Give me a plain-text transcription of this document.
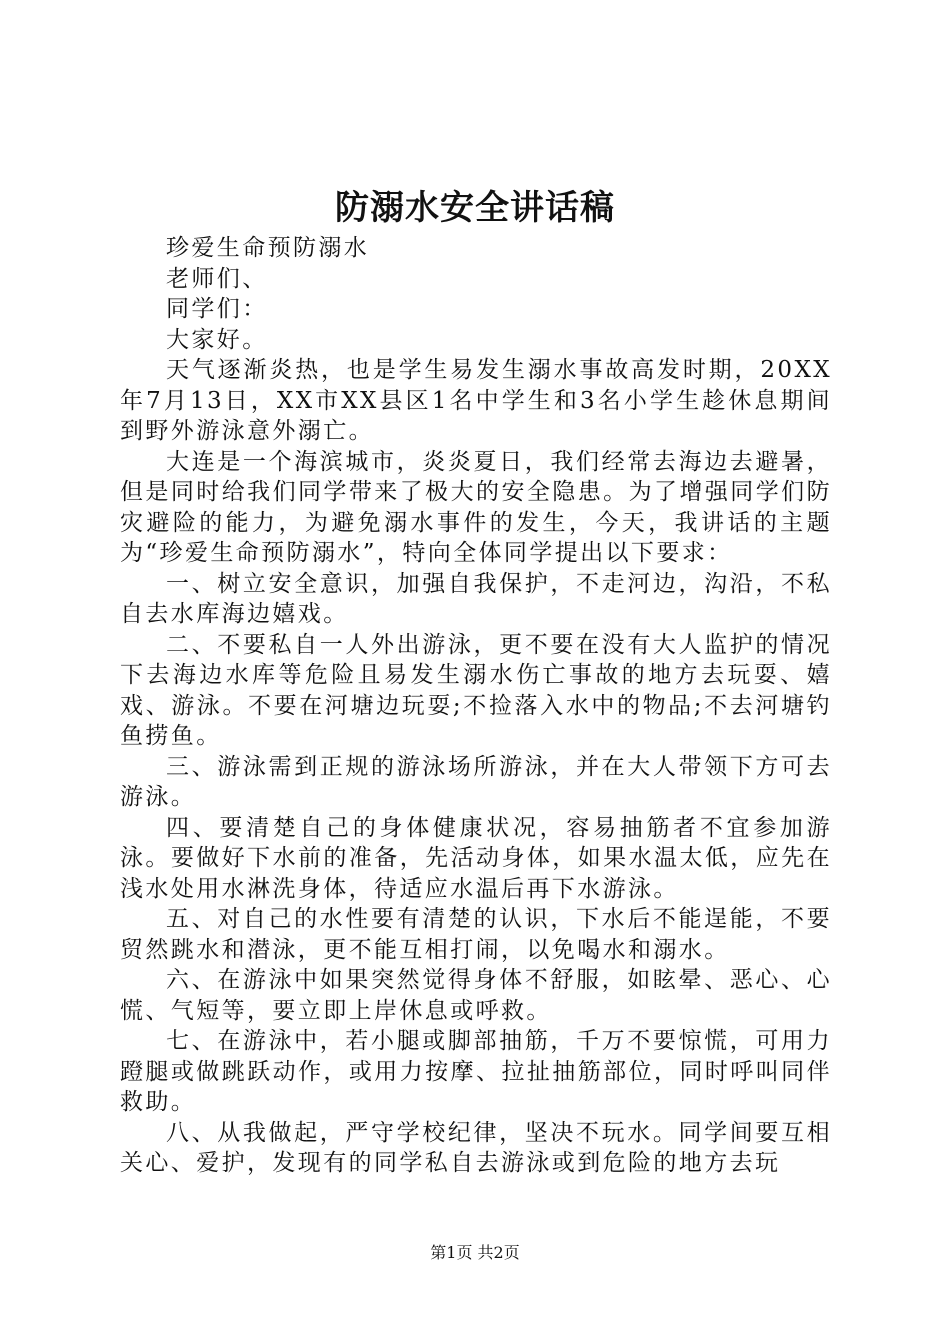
防溺水安全讲话稿

珍爱生命预防溺水

老师们、

同学们：

大家好。

天气逐渐炎热，也是学生易发生溺水事故高发时期，20XX年7月13日，XX市XX县区1名中学生和3名小学生趁休息期间到野外游泳意外溺亡。

大连是一个海滨城市，炎炎夏日，我们经常去海边去避暑，但是同时给我们同学带来了极大的安全隐患。为了增强同学们防灾避险的能力，为避免溺水事件的发生，今天，我讲话的主题为“珍爱生命预防溺水”，特向全体同学提出以下要求：

一、树立安全意识，加强自我保护，不走河边，沟沿，不私自去水库海边嬉戏。

二、不要私自一人外出游泳，更不要在没有大人监护的情况下去海边水库等危险且易发生溺水伤亡事故的地方去玩耍、嬉戏、游泳。不要在河塘边玩耍;不捡落入水中的物品;不去河塘钓鱼捞鱼。

三、游泳需到正规的游泳场所游泳，并在大人带领下方可去游泳。

四、要清楚自己的身体健康状况，容易抽筋者不宜参加游泳。要做好下水前的准备，先活动身体，如果水温太低，应先在浅水处用水淋洗身体，待适应水温后再下水游泳。

五、对自己的水性要有清楚的认识，下水后不能逞能，不要贸然跳水和潜泳，更不能互相打闹，以免喝水和溺水。

六、在游泳中如果突然觉得身体不舒服，如眩晕、恶心、心慌、气短等，要立即上岸休息或呼救。

七、在游泳中，若小腿或脚部抽筋，千万不要惊慌，可用力蹬腿或做跳跃动作，或用力按摩、拉扯抽筋部位，同时呼叫同伴救助。

八、从我做起，严守学校纪律，坚决不玩水。同学间要互相关心、爱护，发现有的同学私自去游泳或到危险的地方去玩

第1页 共2页
